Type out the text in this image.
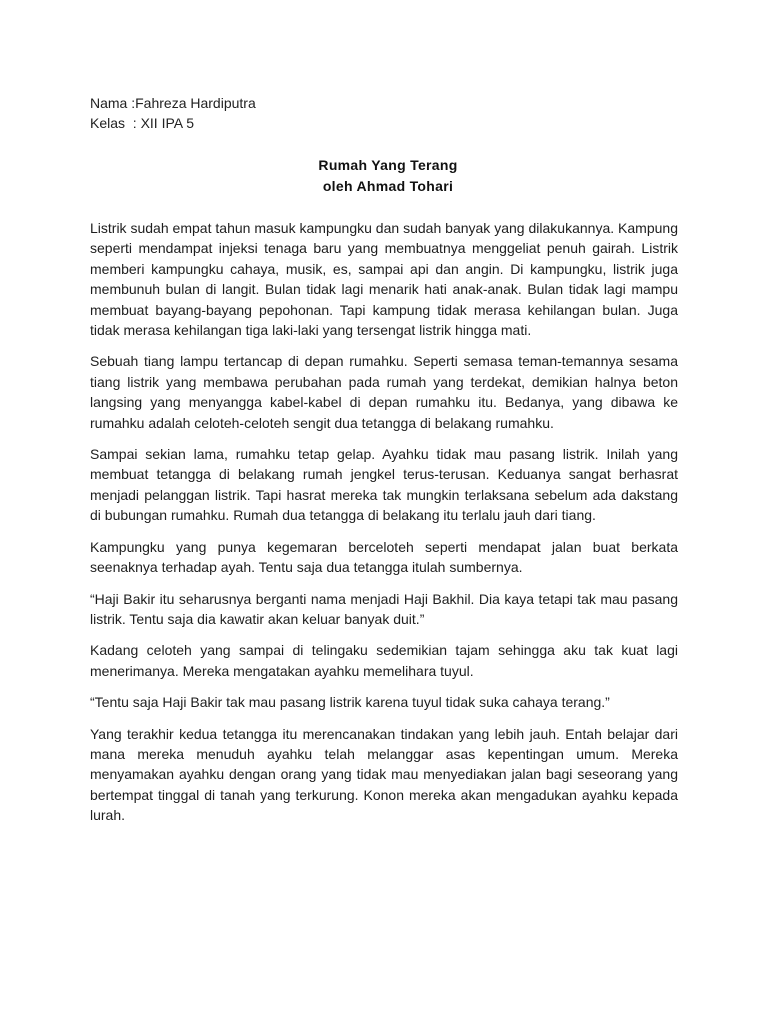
Nama :Fahreza Hardiputra
Kelas  : XII IPA 5
Rumah Yang Terang
oleh Ahmad Tohari

Listrik sudah empat tahun masuk kampungku dan sudah banyak yang dilakukannya. Kampung seperti mendampat injeksi tenaga baru yang membuatnya menggeliat penuh gairah. Listrik memberi kampungku cahaya, musik, es, sampai api dan angin. Di kampungku, listrik juga membunuh bulan di langit. Bulan tidak lagi menarik hati anak-anak. Bulan tidak lagi mampu membuat bayang-bayang pepohonan. Tapi kampung tidak merasa kehilangan bulan. Juga tidak merasa kehilangan tiga laki-laki yang tersengat listrik hingga mati.

Sebuah tiang lampu tertancap di depan rumahku. Seperti semasa teman-temannya sesama tiang listrik yang membawa perubahan pada rumah yang terdekat, demikian halnya beton langsing yang menyangga kabel-kabel di depan rumahku itu. Bedanya, yang dibawa ke rumahku adalah celoteh-celoteh sengit dua tetangga di belakang rumahku.

Sampai sekian lama, rumahku tetap gelap. Ayahku tidak mau pasang listrik. Inilah yang membuat tetangga di belakang rumah jengkel terus-terusan. Keduanya sangat berhasrat menjadi pelanggan listrik. Tapi hasrat mereka tak mungkin terlaksana sebelum ada dakstang di bubungan rumahku. Rumah dua tetangga di belakang itu terlalu jauh dari tiang.

Kampungku yang punya kegemaran berceloteh seperti mendapat jalan buat berkata seenaknya terhadap ayah. Tentu saja dua tetangga itulah sumbernya.

“Haji Bakir itu seharusnya berganti nama menjadi Haji Bakhil. Dia kaya tetapi tak mau pasang listrik. Tentu saja dia kawatir akan keluar banyak duit.”

Kadang celoteh yang sampai di telingaku sedemikian tajam sehingga aku tak kuat lagi menerimanya. Mereka mengatakan ayahku memelihara tuyul.

“Tentu saja Haji Bakir tak mau pasang listrik karena tuyul tidak suka cahaya terang.”

Yang terakhir kedua tetangga itu merencanakan tindakan yang lebih jauh. Entah belajar dari mana mereka menuduh ayahku telah melanggar asas kepentingan umum. Mereka menyamakan ayahku dengan orang yang tidak mau menyediakan jalan bagi seseorang yang bertempat tinggal di tanah yang terkurung. Konon mereka akan mengadukan ayahku kepada lurah.
